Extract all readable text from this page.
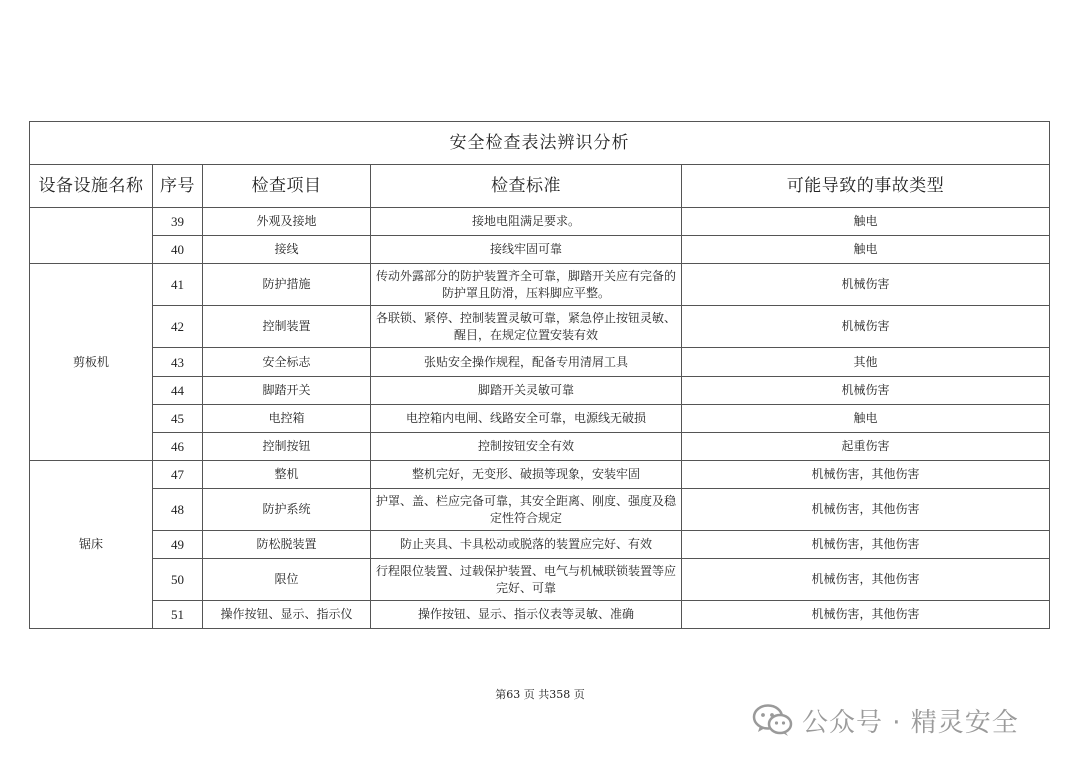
安全检查表法辨识分析				
设备设施名称	序号	检查项目	检查标准	可能导致的事故类型
	39	外观及接地	接地电阻满足要求。	触电
	40	接线	接线牢固可靠	触电
剪板机	41	防护措施	传动外露部分的防护装置齐全可靠，脚踏开关应有完备的防护罩且防滑，压料脚应平整。	机械伤害
	42	控制装置	各联锁、紧停、控制装置灵敏可靠，紧急停止按钮灵敏、醒目，在规定位置安装有效	机械伤害
	43	安全标志	张贴安全操作规程，配备专用清屑工具	其他
	44	脚踏开关	脚踏开关灵敏可靠	机械伤害
	45	电控箱	电控箱内电闸、线路安全可靠，电源线无破损	触电
	46	控制按钮	控制按钮安全有效	起重伤害
锯床	47	整机	整机完好，无变形、破损等现象，安装牢固	机械伤害，其他伤害
	48	防护系统	护罩、盖、栏应完备可靠，其安全距离、刚度、强度及稳定性符合规定	机械伤害，其他伤害
	49	防松脱装置	防止夹具、卡具松动或脱落的装置应完好、有效	机械伤害，其他伤害
	50	限位	行程限位装置、过载保护装置、电气与机械联锁装置等应完好、可靠	机械伤害，其他伤害
	51	操作按钮、显示、指示仪	操作按钮、显示、指示仪表等灵敏、准确	机械伤害，其他伤害
第63 页 共358 页
公众号 · 精灵安全
